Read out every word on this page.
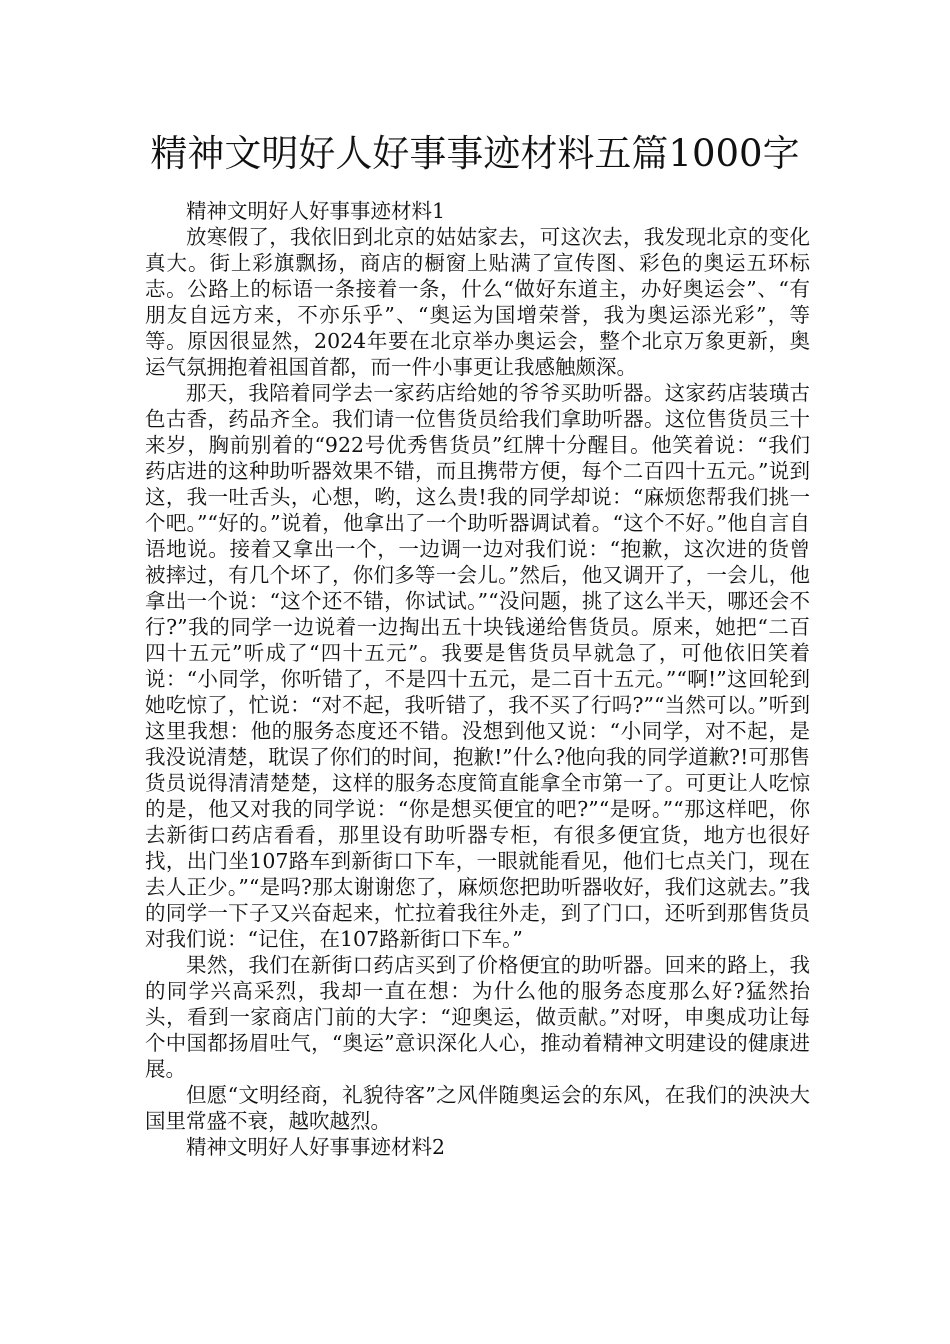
精神文明好人好事事迹材料五篇1000字

精神文明好人好事事迹材料1

放寒假了，我依旧到北京的姑姑家去，可这次去，我发现北京的变化真大。街上彩旗飘扬，商店的橱窗上贴满了宣传图、彩色的奥运五环标志。公路上的标语一条接着一条，什么“做好东道主，办好奥运会”、“有朋友自远方来，不亦乐乎”、“奥运为国增荣誉，我为奥运添光彩”，等等。原因很显然，2024年要在北京举办奥运会，整个北京万象更新，奥运气氛拥抱着祖国首都，而一件小事更让我感触颇深。

那天，我陪着同学去一家药店给她的爷爷买助听器。这家药店装璜古色古香，药品齐全。我们请一位售货员给我们拿助听器。这位售货员三十来岁，胸前别着的“922号优秀售货员”红牌十分醒目。他笑着说：“我们药店进的这种助听器效果不错，而且携带方便，每个二百四十五元。”说到这，我一吐舌头，心想，哟，这么贵!我的同学却说：“麻烦您帮我们挑一个吧。”“好的。”说着，他拿出了一个助听器调试着。“这个不好。”他自言自语地说。接着又拿出一个，一边调一边对我们说：“抱歉，这次进的货曾被摔过，有几个坏了，你们多等一会儿。”然后，他又调开了，一会儿，他拿出一个说：“这个还不错，你试试。”“没问题，挑了这么半天，哪还会不行?”我的同学一边说着一边掏出五十块钱递给售货员。原来，她把“二百四十五元”听成了“四十五元”。我要是售货员早就急了，可他依旧笑着说：“小同学，你听错了，不是四十五元，是二百十五元。”“啊!”这回轮到她吃惊了，忙说：“对不起，我听错了，我不买了行吗?”“当然可以。”听到这里我想：他的服务态度还不错。没想到他又说：“小同学，对不起，是我没说清楚，耽误了你们的时间，抱歉!”什么?他向我的同学道歉?!可那售货员说得清清楚楚，这样的服务态度简直能拿全市第一了。可更让人吃惊的是，他又对我的同学说：“你是想买便宜的吧?”“是呀。”“那这样吧，你去新街口药店看看，那里设有助听器专柜，有很多便宜货，地方也很好找，出门坐107路车到新街口下车，一眼就能看见，他们七点关门，现在去人正少。”“是吗?那太谢谢您了，麻烦您把助听器收好，我们这就去。”我的同学一下子又兴奋起来，忙拉着我往外走，到了门口，还听到那售货员对我们说：“记住，在107路新街口下车。”

果然，我们在新街口药店买到了价格便宜的助听器。回来的路上，我的同学兴高采烈，我却一直在想：为什么他的服务态度那么好?猛然抬头，看到一家商店门前的大字：“迎奥运，做贡献。”对呀，申奥成功让每个中国都扬眉吐气，“奥运”意识深化人心，推动着精神文明建设的健康进展。

但愿“文明经商，礼貌待客”之风伴随奥运会的东风，在我们的泱泱大国里常盛不衰，越吹越烈。

精神文明好人好事事迹材料2
